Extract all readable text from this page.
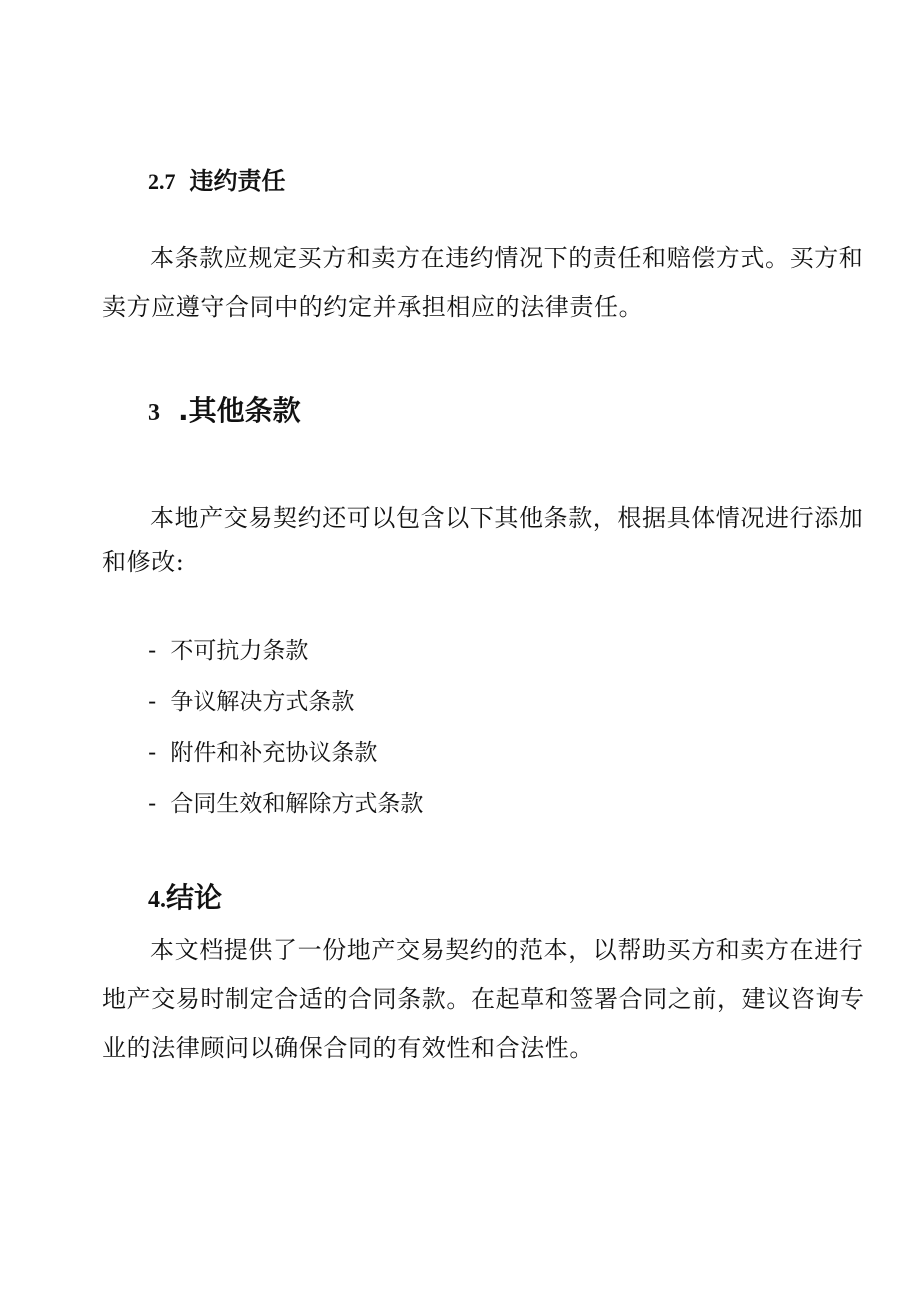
2.7 违约责任

本条款应规定买方和卖方在违约情况下的责任和赔偿方式。买方和
卖方应遵守合同中的约定并承担相应的法律责任。

3 .其他条款

本地产交易契约还可以包含以下其他条款，根据具体情况进行添加
和修改:

- 不可抗力条款
- 争议解决方式条款
- 附件和补充协议条款
- 合同生效和解除方式条款
4.结论

本文档提供了一份地产交易契约的范本，以帮助买方和卖方在进行
地产交易时制定合适的合同条款。在起草和签署合同之前，建议咨询专
业的法律顾问以确保合同的有效性和合法性。
